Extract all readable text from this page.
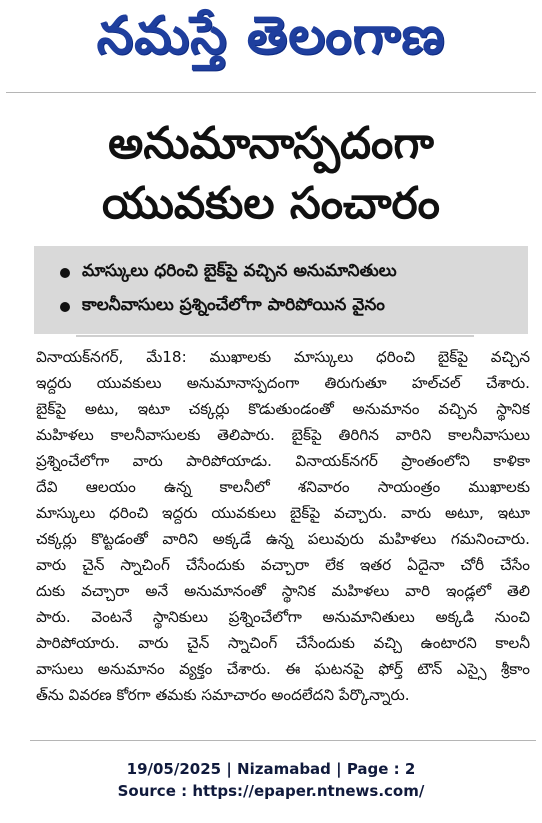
నమస్తే తెలంగాణ
అనుమానాస్పదంగా
యువకుల సంచారం
మాస్కులు ధరించి బైక్‌పై వచ్చిన అనుమానితులు
కాలనీవాసులు ప్రశ్నించేలోగా పారిపోయిన వైనం
వినాయక్‌నగర్, మే18: ముఖాలకు మాస్కులు ధరించి బైక్‌పై వచ్చిన
ఇద్దరు యువకులు అనుమానాస్పదంగా తిరుగుతూ హల్‌చల్ చేశారు.
బైక్‌పై అటు, ఇటూ చక్కర్లు కొడుతుండంతో అనుమానం వచ్చిన స్థానిక
మహిళలు కాలనీవాసులకు తెలిపారు. బైక్‌పై తిరిగిన వారిని కాలనీవాసులు
ప్రశ్నించేలోగా వారు పారిపోయాడు. వినాయక్‌నగర్ ప్రాంతంలోని కాళికా
దేవి ఆలయం ఉన్న కాలనీలో శనివారం సాయంత్రం ముఖాలకు
మాస్కులు ధరించి ఇద్దరు యువకులు బైక్‌పై వచ్చారు. వారు అటూ, ఇటూ
చక్కర్లు కొట్టడంతో వారిని అక్కడే ఉన్న పలువురు మహిళలు గమనించారు.
వారు చైన్ స్నాచింగ్ చేసేందుకు వచ్చారా లేక ఇతర ఏదైనా చోరీ చేసేం
దుకు వచ్చారా అనే అనుమానంతో స్థానిక మహిళలు వారి ఇండ్లలో తెలి
పారు. వెంటనే స్థానికులు ప్రశ్నించేలోగా అనుమానితులు అక్కడి నుంచి
పారిపోయారు. వారు చైన్ స్నాచింగ్ చేసేందుకు వచ్చి ఉంటారని కాలనీ
వాసులు అనుమానం వ్యక్తం చేశారు. ఈ ఘటనపై ఫోర్త్ టౌన్ ఎస్సై శ్రీకాం
త్‌ను వివరణ కోరగా తమకు సమాచారం అందలేదని పేర్కొన్నారు.
19/05/2025 | Nizamabad | Page : 2
Source : https://epaper.ntnews.com/
